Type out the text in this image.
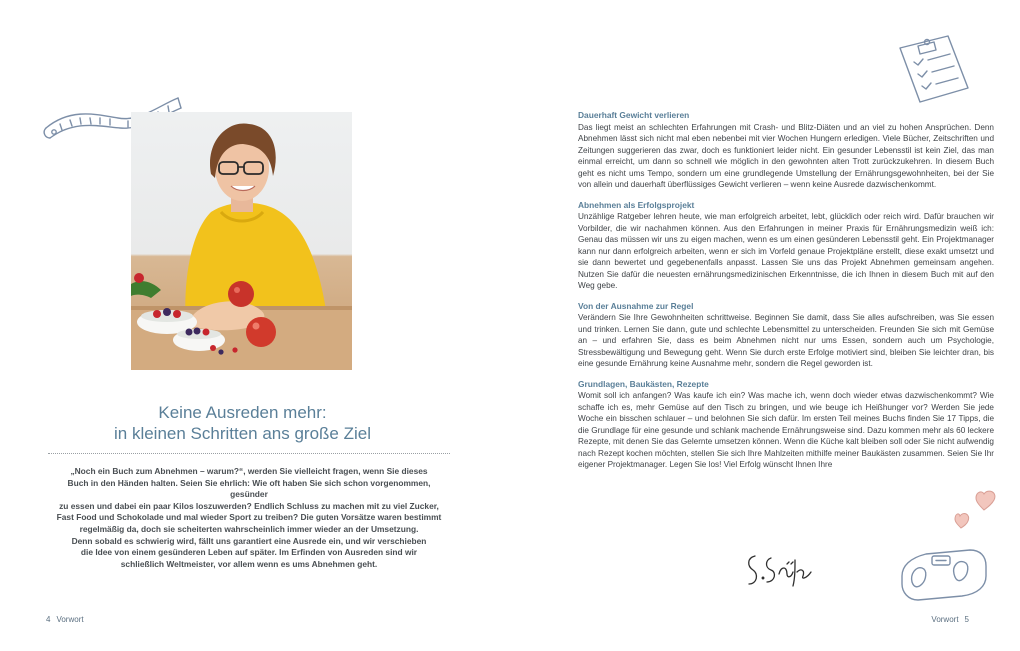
Keine Ausreden mehr:
in kleinen Schritten ans große Ziel

„Noch ein Buch zum Abnehmen – warum?“, werden Sie vielleicht fragen, wenn Sie dieses
Buch in den Händen halten. Seien Sie ehrlich: Wie oft haben Sie sich schon vorgenommen, gesünder
zu essen und dabei ein paar Kilos loszuwerden? Endlich Schluss zu machen mit zu viel Zucker,
Fast Food und Schokolade und mal wieder Sport zu treiben? Die guten Vorsätze waren bestimmt
regelmäßig da, doch sie scheiterten wahrscheinlich immer wieder an der Umsetzung.
Denn sobald es schwierig wird, fällt uns garantiert eine Ausrede ein, und wir verschieben
die Idee von einem gesünderen Leben auf später. Im Erfinden von Ausreden sind wir
schließlich Weltmeister, vor allem wenn es ums Abnehmen geht.

4 Vorwort
Dauerhaft Gewicht verlieren

Das liegt meist an schlechten Erfahrungen mit Crash- und Blitz-Diäten und an viel zu hohen Ansprüchen. Denn Abnehmen lässt sich nicht mal eben nebenbei mit vier Wochen Hungern erledigen. Viele Bücher, Zeitschriften und Zeitungen suggerieren das zwar, doch es funktioniert leider nicht. Ein gesunder Lebensstil ist kein Ziel, das man einmal erreicht, um dann so schnell wie möglich in den gewohnten alten Trott zurückzukehren. In diesem Buch geht es nicht ums Tempo, sondern um eine grundlegende Umstellung der Ernährungsgewohnheiten, bei der Sie von allein und dauerhaft überflüssiges Gewicht verlieren – wenn keine Ausrede dazwischenkommt.

Abnehmen als Erfolgsprojekt

Unzählige Ratgeber lehren heute, wie man erfolgreich arbeitet, lebt, glücklich oder reich wird. Dafür brauchen wir Vorbilder, die wir nachahmen können. Aus den Erfahrungen in meiner Praxis für Ernährungsmedizin weiß ich: Genau das müssen wir uns zu eigen machen, wenn es um einen gesünderen Lebensstil geht. Ein Projektmanager kann nur dann erfolgreich arbeiten, wenn er sich im Vorfeld genaue Projektpläne erstellt, diese exakt umsetzt und sie dann bewertet und gegebenenfalls anpasst. Lassen Sie uns das Projekt Abnehmen gemeinsam angehen. Nutzen Sie dafür die neuesten ernährungsmedizinischen Erkenntnisse, die ich Ihnen in diesem Buch mit auf den Weg gebe.

Von der Ausnahme zur Regel

Verändern Sie Ihre Gewohnheiten schrittweise. Beginnen Sie damit, dass Sie alles aufschreiben, was Sie essen und trinken. Lernen Sie dann, gute und schlechte Lebensmittel zu unterscheiden. Freunden Sie sich mit Gemüse an – und erfahren Sie, dass es beim Abnehmen nicht nur ums Essen, sondern auch um Psychologie, Stressbewältigung und Bewegung geht. Wenn Sie durch erste Erfolge motiviert sind, bleiben Sie leichter dran, bis eine gesunde Ernährung keine Ausnahme mehr, sondern die Regel geworden ist.

Grundlagen, Baukästen, Rezepte

Womit soll ich anfangen? Was kaufe ich ein? Was mache ich, wenn doch wieder etwas dazwischenkommt? Wie schaffe ich es, mehr Gemüse auf den Tisch zu bringen, und wie beuge ich Heißhunger vor? Werden Sie jede Woche ein bisschen schlauer – und belohnen Sie sich dafür. Im ersten Teil meines Buchs finden Sie 17 Tipps, die die Grundlage für eine gesunde und schlank machende Ernährungsweise sind. Dazu kommen mehr als 60 leckere Rezepte, mit denen Sie das Gelernte umsetzen können. Wenn die Küche kalt bleiben soll oder Sie nicht aufwendig nach Rezept kochen möchten, stellen Sie sich Ihre Mahlzeiten mithilfe meiner Baukästen zusammen. Seien Sie Ihr eigener Projektmanager. Legen Sie los! Viel Erfolg wünscht Ihnen Ihre

Vorwort 5
